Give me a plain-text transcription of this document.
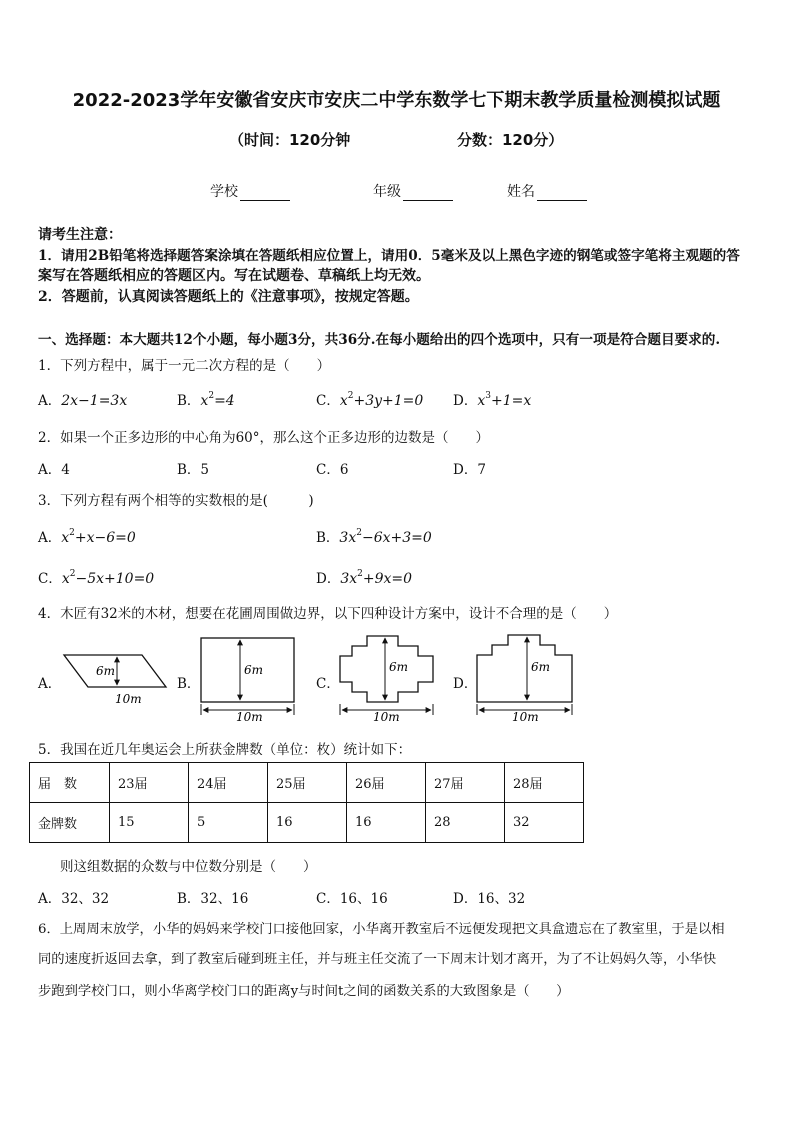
2022-2023学年安徽省安庆市安庆二中学东数学七下期末教学质量检测模拟试题
（时间：120分钟	分数：120分）
学校	年级	姓名
请考生注意：
1．请用2B铅笔将选择题答案涂填在答题纸相应位置上，请用0．5毫米及以上黑色字迹的钢笔或签字笔将主观题的答
案写在答题纸相应的答题区内。写在试题卷、草稿纸上均无效。
2．答题前，认真阅读答题纸上的《注意事项》，按规定答题。
一、选择题：本大题共12个小题，每小题3分，共36分.在每小题给出的四个选项中，只有一项是符合题目要求的.
1．下列方程中，属于一元二次方程的是（　　）
A．2x−1=3x	B．$x^2=4$	C．$x^2+3y+1=0$ D．$x^3+1=x$
2．如果一个正多边形的中心角为60°，那么这个正多边形的边数是（　　）
A．4	B．5	C．6	D．7
3．下列方程有两个相等的实数根的是(　　　)
A．$x^2+x-6=0$	B．$3x^2-6x+3=0$
C．$x^2-5x+10=0$	D．$3x^2+9x=0$
4．木匠有32米的木材，想要在花圃周围做边界，以下四种设计方案中，设计不合理的是（　　）
A．	B．	C．	D．
6m
10m
6m
10m
6m
10m
6m
10m
5．我国在近几年奥运会上所获金牌数（单位：枚）统计如下：
届　数	23届	24届	25届	26届	27届	28届
金牌数	15	5	16	16	28	32
则这组数据的众数与中位数分别是（　　）
A．32、32	B．32、16	C．16、16	D．16、32
6．上周周末放学，小华的妈妈来学校门口接他回家，小华离开教室后不远便发现把文具盒遗忘在了教室里，于是以相
同的速度折返回去拿，到了教室后碰到班主任，并与班主任交流了一下周末计划才离开，为了不让妈妈久等，小华快
步跑到学校门口，则小华离学校门口的距离y与时间t之间的函数关系的大致图象是（　　）
